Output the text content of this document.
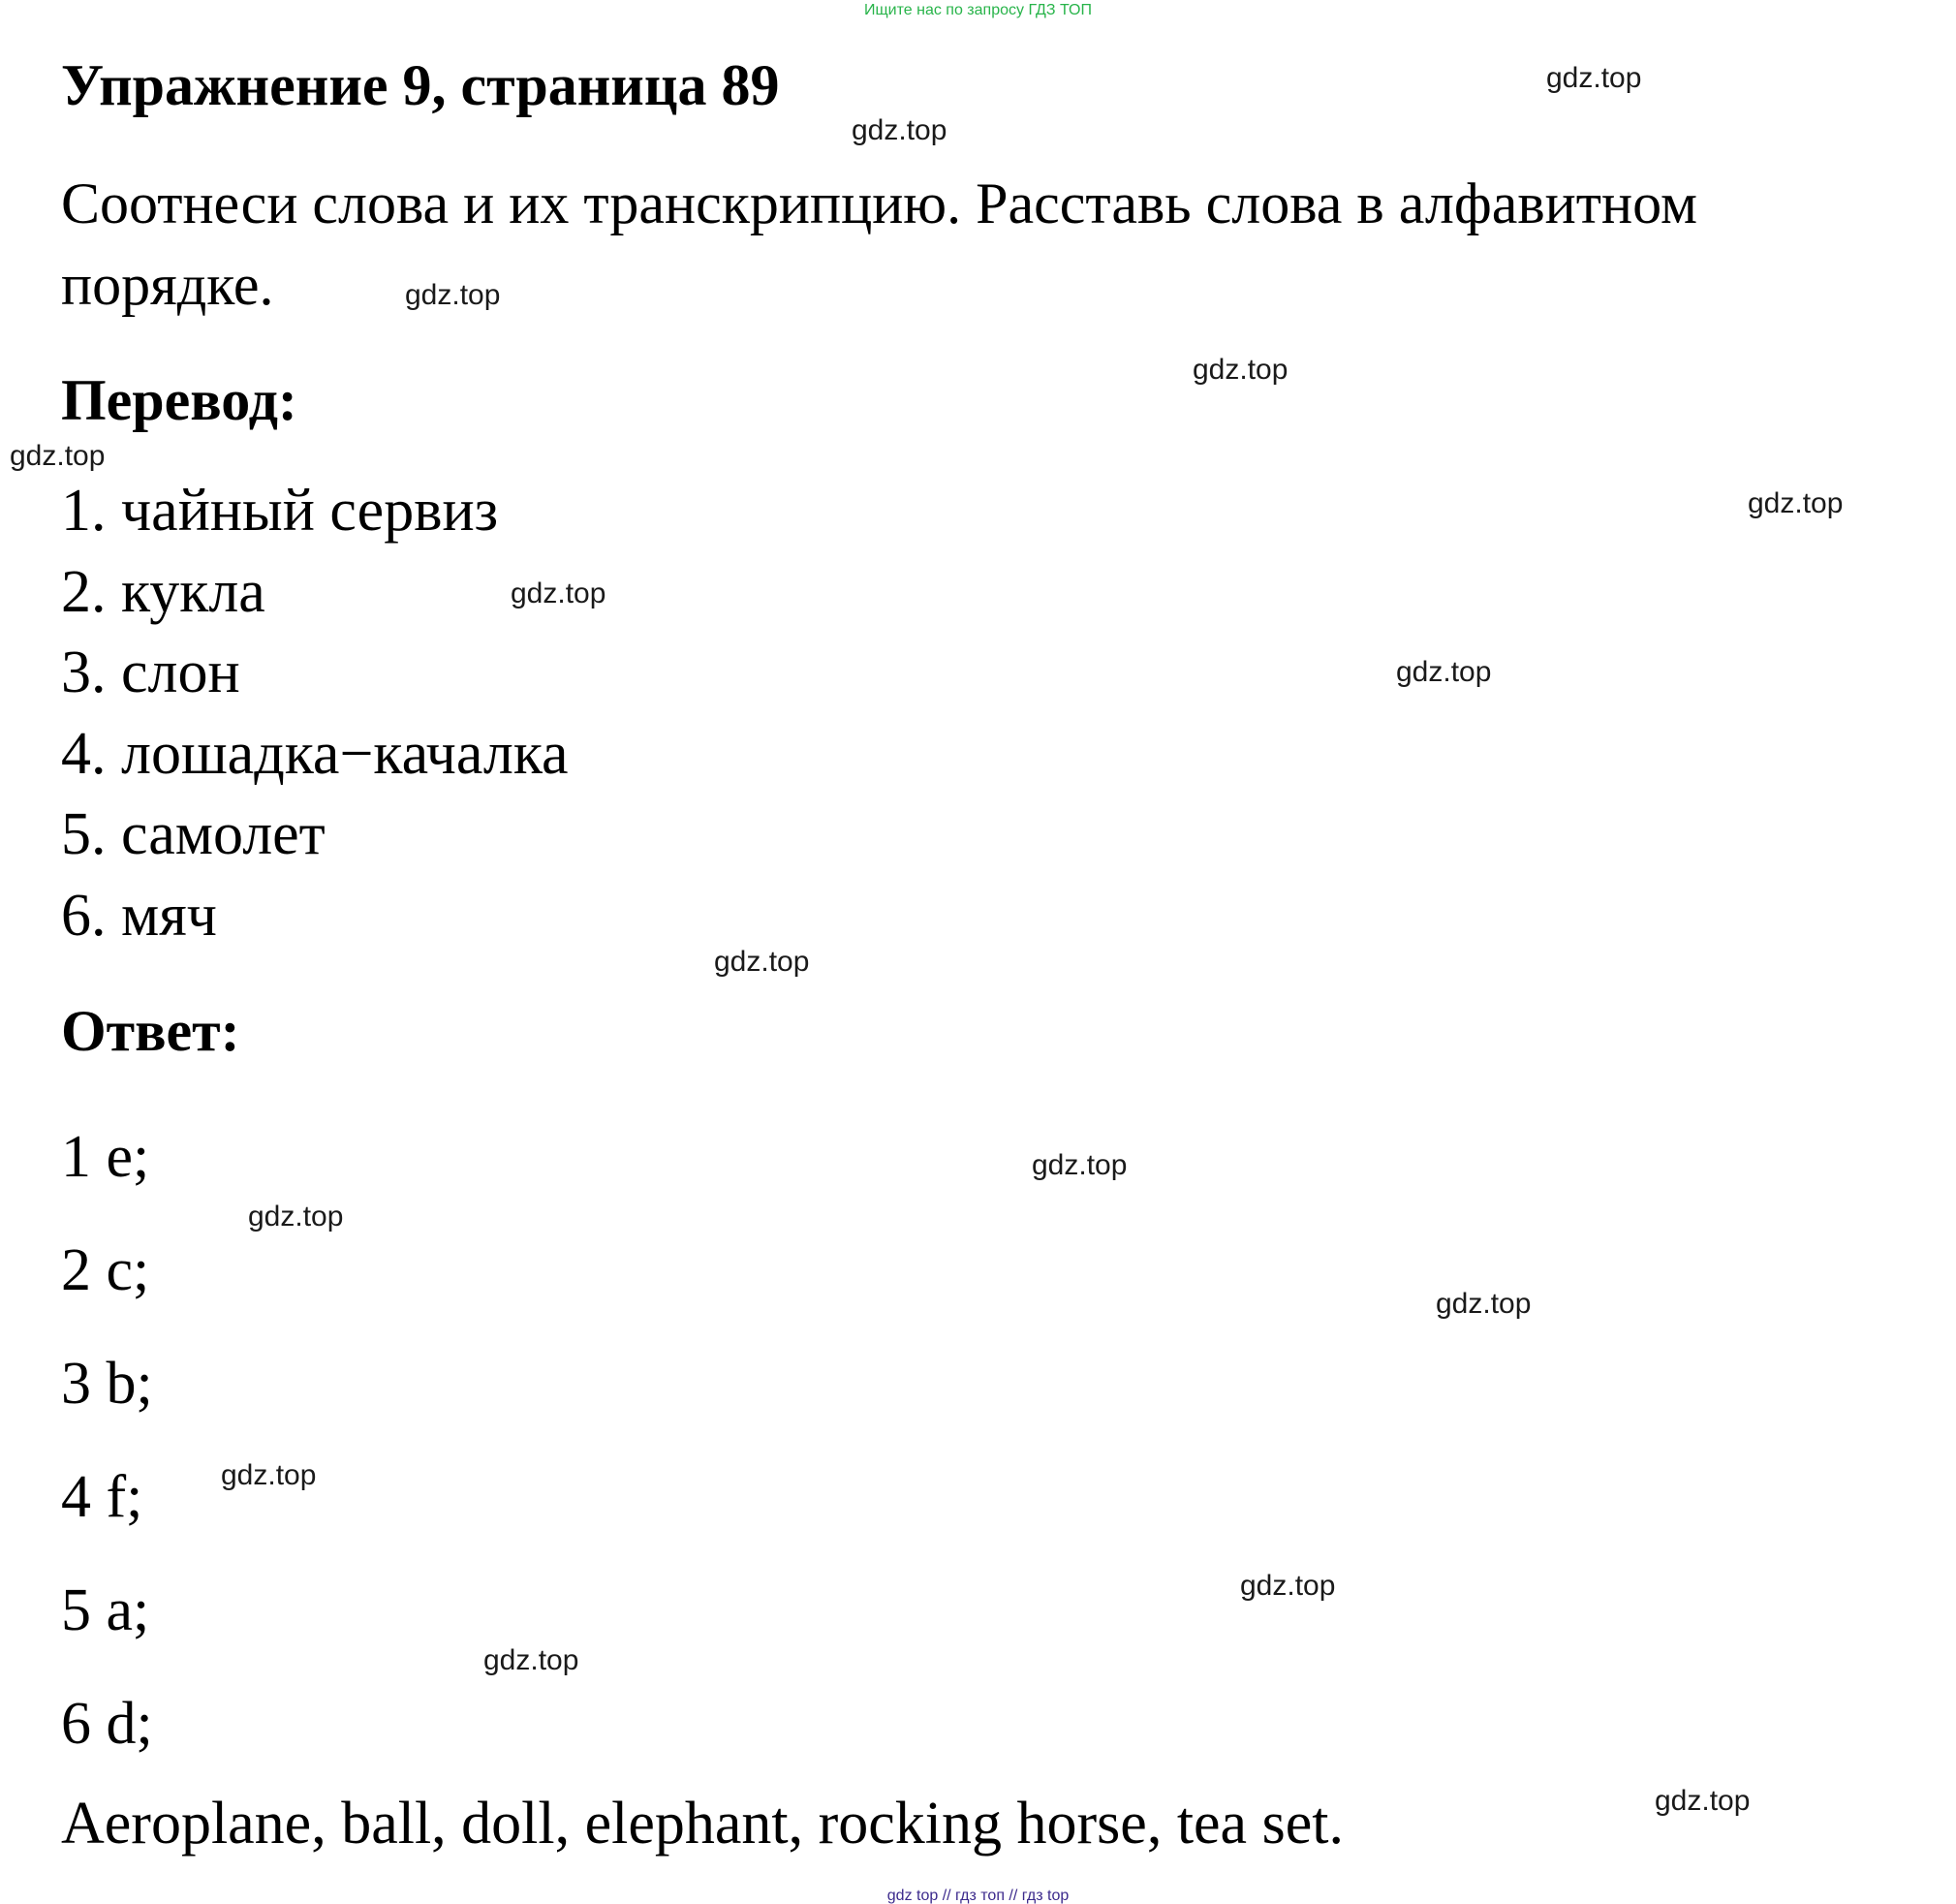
Ищите нас по запросу ГДЗ ТОП
Упражнение 9, страница 89

Соотнеси слова и их транскрипцию. Расставь слова в алфавитном порядке.

Перевод:
1. чайный сервиз
2. кукла
3. слон
4. лошадка−качалка
5. самолет
6. мяч
Ответ:
1 e;
2 c;
3 b;
4 f;
5 a;
6 d;

Aeroplane, ball, doll, elephant, rocking horse, tea set.

gdz.top
gdz.top
gdz.top
gdz.top
gdz.top
gdz.top
gdz.top
gdz.top
gdz.top
gdz.top
gdz.top
gdz.top
gdz.top
gdz.top
gdz.top
gdz.top
gdz top // гдз топ // гдз top
